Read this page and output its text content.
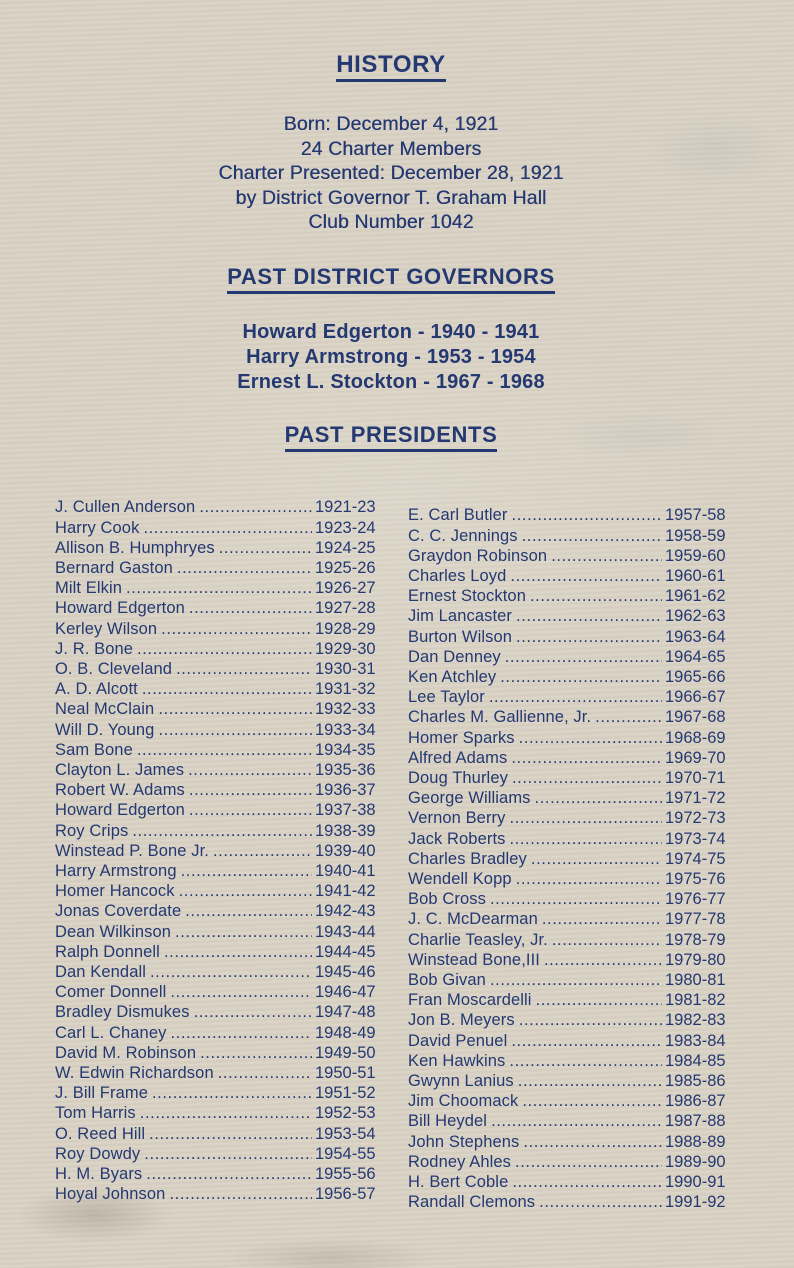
HISTORY
Born: December 4, 1921
24 Charter Members
Charter Presented: December 28, 1921
by District Governor T. Graham Hall
Club Number 1042
PAST DISTRICT GOVERNORS
Howard Edgerton - 1940 - 1941
Harry Armstrong - 1953 - 1954
Ernest L. Stockton - 1967 - 1968
PAST PRESIDENTS
J. Cullen Anderson .....	1921-23
Harry Cook .....	1923-24
Allison B. Humphryes .....	1924-25
Bernard Gaston .....	1925-26
Milt Elkin .....	1926-27
Howard Edgerton .....	1927-28
Kerley Wilson .....	1928-29
J. R. Bone .....	1929-30
O. B. Cleveland .....	1930-31
A. D. Alcott .....	1931-32
Neal McClain .....	1932-33
Will D. Young .....	1933-34
Sam Bone .....	1934-35
Clayton L. James .....	1935-36
Robert W. Adams .....	1936-37
Howard Edgerton .....	1937-38
Roy Crips .....	1938-39
Winstead P. Bone Jr. .....	1939-40
Harry Armstrong .....	1940-41
Homer Hancock .....	1941-42
Jonas Coverdate .....	1942-43
Dean Wilkinson .....	1943-44
Ralph Donnell .....	1944-45
Dan Kendall .....	1945-46
Comer Donnell .....	1946-47
Bradley Dismukes .....	1947-48
Carl L. Chaney .....	1948-49
David M. Robinson .....	1949-50
W. Edwin Richardson .....	1950-51
J. Bill Frame .....	1951-52
Tom Harris .....	1952-53
O. Reed Hill .....	1953-54
Roy Dowdy .....	1954-55
H. M. Byars .....	1955-56
Hoyal Johnson .....	1956-57
E. Carl Butler .....	1957-58
C. C. Jennings .....	1958-59
Graydon Robinson .....	1959-60
Charles Loyd .....	1960-61
Ernest Stockton .....	1961-62
Jim Lancaster .....	1962-63
Burton Wilson .....	1963-64
Dan Denney .....	1964-65
Ken Atchley .....	1965-66
Lee Taylor .....	1966-67
Charles M. Gallienne, Jr. .....	1967-68
Homer Sparks .....	1968-69
Alfred Adams .....	1969-70
Doug Thurley .....	1970-71
George Williams .....	1971-72
Vernon Berry .....	1972-73
Jack Roberts .....	1973-74
Charles Bradley .....	1974-75
Wendell Kopp .....	1975-76
Bob Cross .....	1976-77
J. C. McDearman .....	1977-78
Charlie Teasley, Jr. .....	1978-79
Winstead Bone,III .....	1979-80
Bob Givan .....	1980-81
Fran Moscardelli .....	1981-82
Jon B. Meyers .....	1982-83
David Penuel .....	1983-84
Ken Hawkins .....	1984-85
Gwynn Lanius .....	1985-86
Jim Choomack .....	1986-87
Bill Heydel .....	1987-88
John Stephens .....	1988-89
Rodney Ahles .....	1989-90
H. Bert Coble .....	1990-91
Randall Clemons .....	1991-92
